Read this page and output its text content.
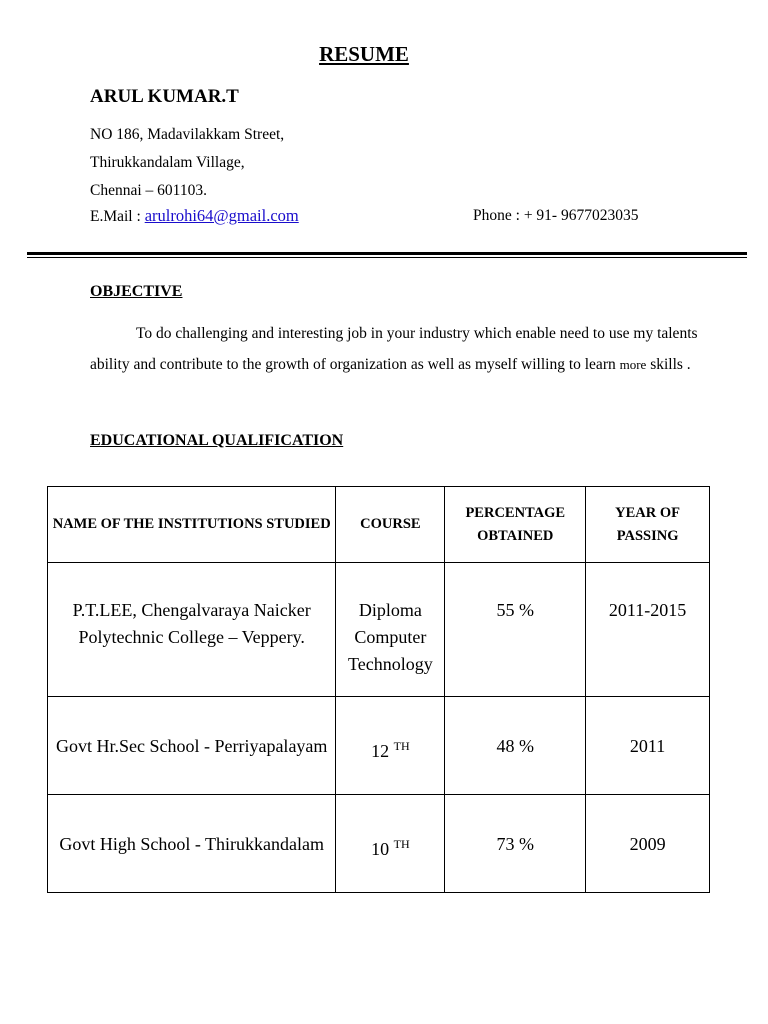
RESUME
ARUL KUMAR.T
NO 186, Madavilakkam Street,
Thirukkandalam Village,
Chennai – 601103.
E.Mail : arulrohi64@gmail.com	Phone : + 91- 9677023035
OBJECTIVE
To do challenging and interesting job in your industry which enable need to use my talents ability and contribute to the growth of organization as well as myself willing to learn more skills .
EDUCATIONAL QUALIFICATION
NAME OF THE INSTITUTIONS STUDIED	COURSE	PERCENTAGE OBTAINED	YEAR OF PASSING

P.T.LEE, Chengalvaraya Naicker Polytechnic College – Veppery.	Diploma Computer Technology	55 %	2011-2015

Govt Hr.Sec School - Perriyapalayam	12 $^{TH}$	48 %	2011

Govt High School - Thirukkandalam	10 $^{TH}$	73 %	2009
